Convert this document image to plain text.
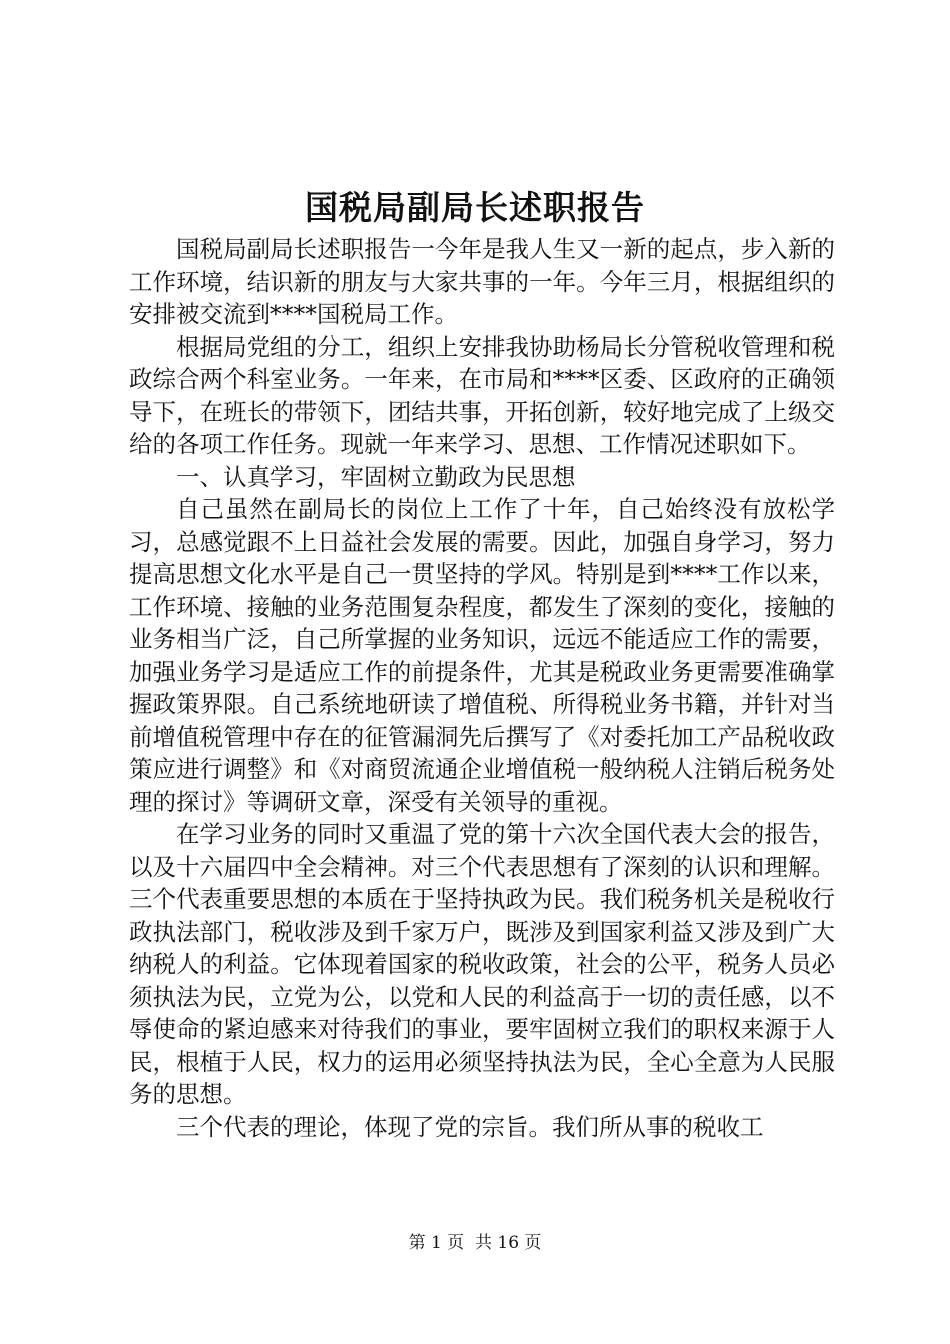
国税局副局长述职报告

国税局副局长述职报告一今年是我人生又一新的起点，步入新的工作环境，结识新的朋友与大家共事的一年。今年三月，根据组织的安排被交流到****国税局工作。

根据局党组的分工，组织上安排我协助杨局长分管税收管理和税政综合两个科室业务。一年来，在市局和****区委、区政府的正确领导下，在班长的带领下，团结共事，开拓创新，较好地完成了上级交给的各项工作任务。现就一年来学习、思想、工作情况述职如下。

一、认真学习，牢固树立勤政为民思想

自己虽然在副局长的岗位上工作了十年，自己始终没有放松学习，总感觉跟不上日益社会发展的需要。因此，加强自身学习，努力提高思想文化水平是自己一贯坚持的学风。特别是到****工作以来，工作环境、接触的业务范围复杂程度，都发生了深刻的变化，接触的业务相当广泛，自己所掌握的业务知识，远远不能适应工作的需要，加强业务学习是适应工作的前提条件，尤其是税政业务更需要准确掌握政策界限。自己系统地研读了增值税、所得税业务书籍，并针对当前增值税管理中存在的征管漏洞先后撰写了《对委托加工产品税收政策应进行调整》和《对商贸流通企业增值税一般纳税人注销后税务处理的探讨》等调研文章，深受有关领导的重视。

在学习业务的同时又重温了党的第十六次全国代表大会的报告，以及十六届四中全会精神。对三个代表思想有了深刻的认识和理解。三个代表重要思想的本质在于坚持执政为民。我们税务机关是税收行政执法部门，税收涉及到千家万户，既涉及到国家利益又涉及到广大纳税人的利益。它体现着国家的税收政策，社会的公平，税务人员必须执法为民，立党为公，以党和人民的利益高于一切的责任感，以不辱使命的紧迫感来对待我们的事业，要牢固树立我们的职权来源于人民，根植于人民，权力的运用必须坚持执法为民，全心全意为人民服务的思想。

三个代表的理论，体现了党的宗旨。我们所从事的税收工

第 1 页  共 16 页
